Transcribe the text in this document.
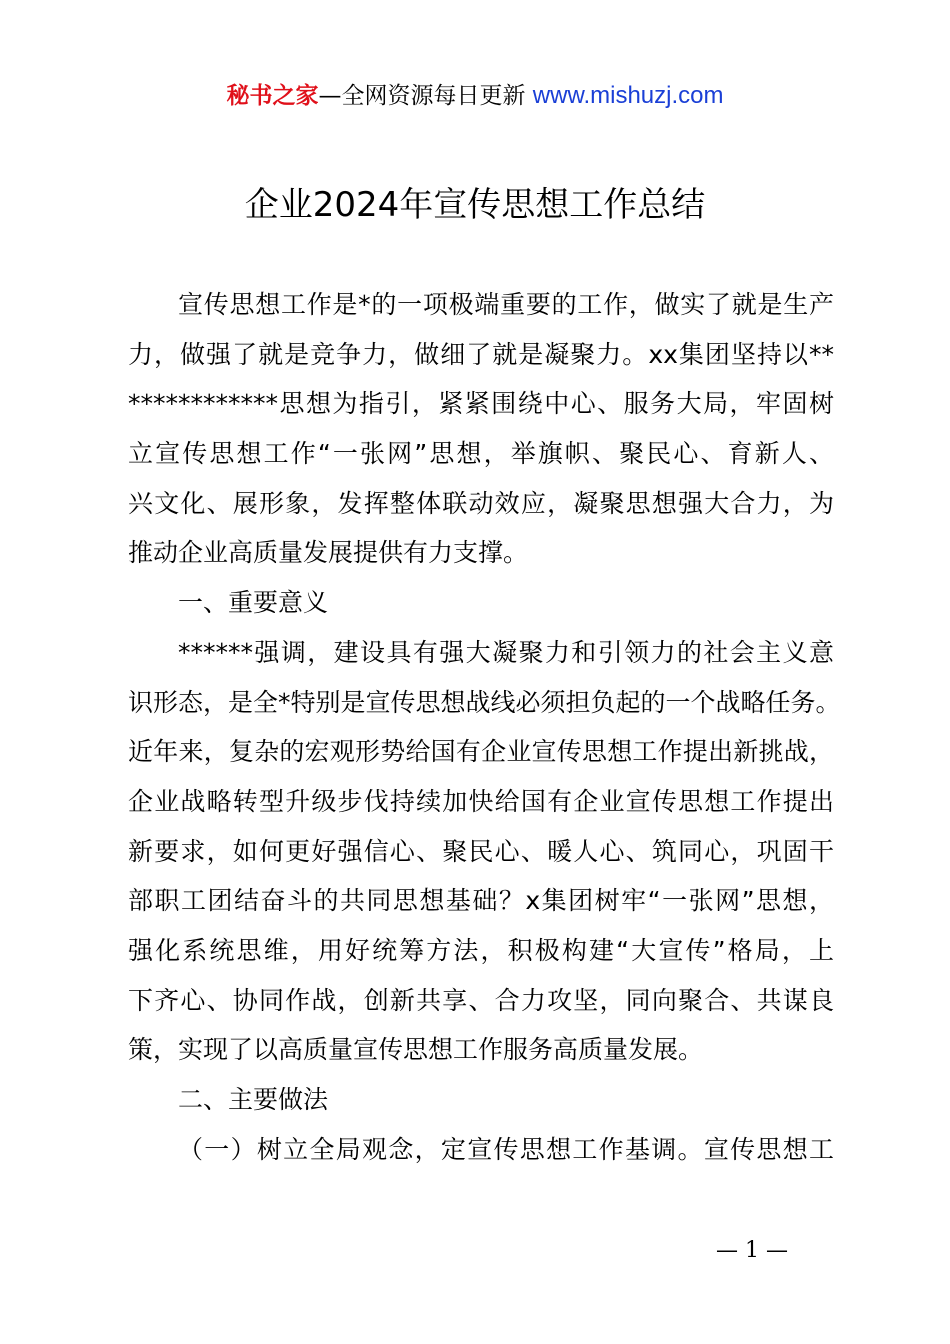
秘书之家—全网资源每日更新 www.mishuzj.com
企业2024年宣传思想工作总结
宣传思想工作是*的一项极端重要的工作，做实了就是生产
力，做强了就是竞争力，做细了就是凝聚力。xx集团坚持以**
************思想为指引，紧紧围绕中心、服务大局，牢固树
立宣传思想工作“一张网”思想，举旗帜、聚民心、育新人、
兴文化、展形象，发挥整体联动效应，凝聚思想强大合力，为
推动企业高质量发展提供有力支撑。
一、重要意义
******强调，建设具有强大凝聚力和引领力的社会主义意
识形态，是全*特别是宣传思想战线必须担负起的一个战略任务。
近年来，复杂的宏观形势给国有企业宣传思想工作提出新挑战，
企业战略转型升级步伐持续加快给国有企业宣传思想工作提出
新要求，如何更好强信心、聚民心、暖人心、筑同心，巩固干
部职工团结奋斗的共同思想基础？x集团树牢“一张网”思想，
强化系统思维，用好统筹方法，积极构建“大宣传”格局，上
下齐心、协同作战，创新共享、合力攻坚，同向聚合、共谋良
策，实现了以高质量宣传思想工作服务高质量发展。
二、主要做法
（一）树立全局观念，定宣传思想工作基调。宣传思想工
— 1 —
